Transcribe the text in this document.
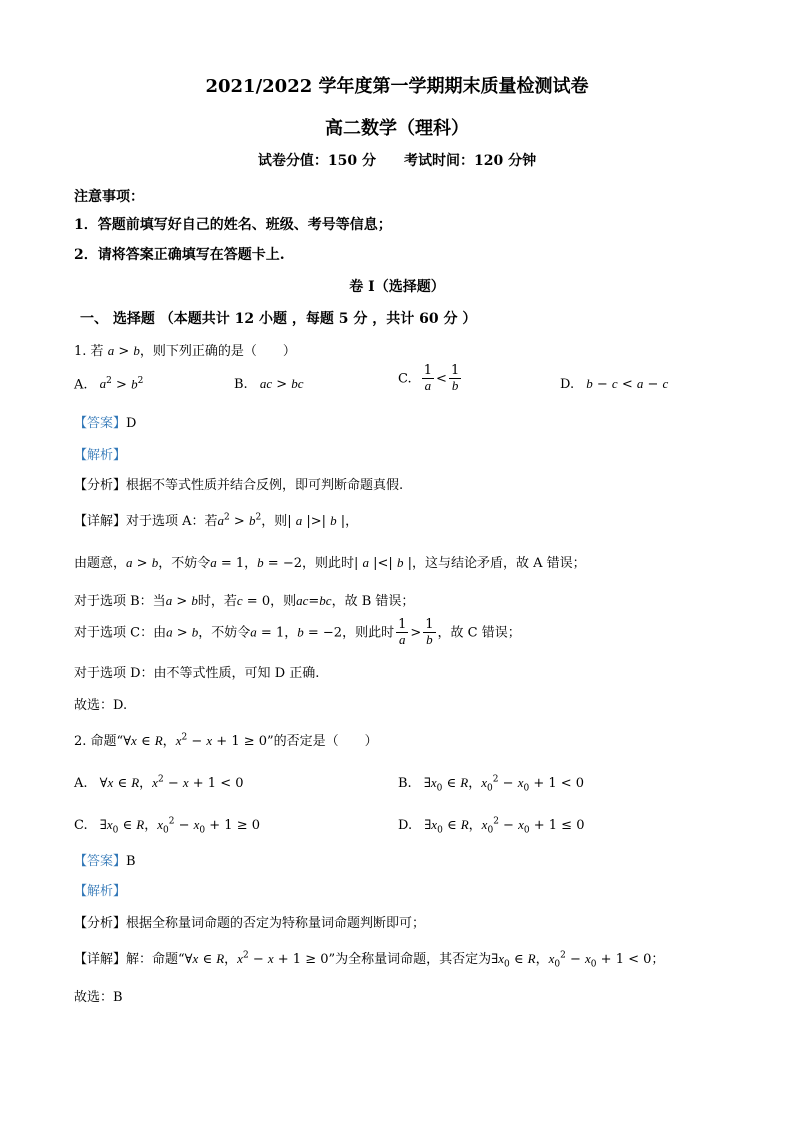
2021/2022 学年度第一学期期末质量检测试卷
高二数学（理科）
试卷分值：150 分　　考试时间：120 分钟
注意事项：
1．答题前填写好自己的姓名、班级、考号等信息；
2．请将答案正确填写在答题卡上.
卷 I（选择题）
一、 选择题 （本题共计 12 小题 ，每题 5 分 ，共计 60 分 ）
1. 若 a > b，则下列正确的是（　　）
A. $a^2 > b^2$	B. ac > bc	C. $\frac{1}{a} < \frac{1}{b}$	D. b − c < a − c
【答案】D
【解析】
【分析】根据不等式性质并结合反例，即可判断命题真假.
【详解】对于选项 A：若$a^2 > b^2$，则| a |>| b |，
由题意，a > b，不妨令a = 1，b = −2，则此时| a |<| b |，这与结论矛盾，故 A 错误；
对于选项 B：当a > b时，若c = 0，则ac=bc，故 B 错误；
对于选项 C：由a > b，不妨令a = 1，b = −2，则此时 $\frac{1}{a} > \frac{1}{b}$ ，故 C 错误；
对于选项 D：由不等式性质，可知 D 正确.
故选：D.
2. 命题“∀x ∈ R，$x^2 - x + 1 \ge 0$”的否定是（　　）
A. ∀x ∈ R，$x^2 - x + 1 < 0$	B. $\exists x_0$ ∈ R，$x_0^2 - x_0 + 1 < 0$
C. $\exists x_0$ ∈ R，$x_0^2 - x_0 + 1 \ge 0$	D. $\exists x_0$ ∈ R，$x_0^2 - x_0 + 1 \le 0$
【答案】B
【解析】
【分析】根据全称量词命题的否定为特称量词命题判断即可；
【详解】解：命题“∀x ∈ R，$x^2 - x + 1 \ge 0$”为全称量词命题，其否定为$\exists x_0$ ∈ R，$x_0^2 - x_0 + 1 < 0$；
故选：B
